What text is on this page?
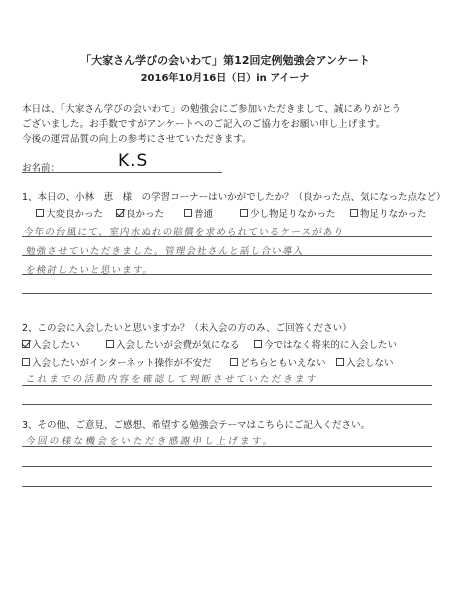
「大家さん学びの会いわて」第12回定例勉強会アンケート
2016年10月16日（日）in アイーナ
本日は、「大家さん学びの会いわて」の勉強会にご参加いただきまして、誠にありがとう
ございました。お手数ですがアンケートへのご記入のご協力をお願い申し上げます。
今後の運営品質の向上の参考にさせていただきます。
お名前：	K.S
1、本日の、小林　恵　様　の学習コーナーはいかがでしたか？（良かった点、気になった点など）
大変良かった 良かった	普通	少し物足りなかった	物足りなかった
今年の台風にて、室内水ぬれの賠償を求められているケースがあり
勉強させていただきました。管理会社さんと話し合い導入
を検討したいと思います。
2、この会に入会したいと思いますか？（未入会の方のみ、ご回答ください）
入会したい	入会したいが会費が気になる	今ではなく将来的に入会したい
入会したいがインターネット操作が不安だ	どちらともいえない 入会しない
これまでの活動内容を確認して判断させていただきます
3、その他、ご意見、ご感想、希望する勉強会テーマはこちらにご記入ください。
今回の様な機会をいただき感謝申し上げます。
